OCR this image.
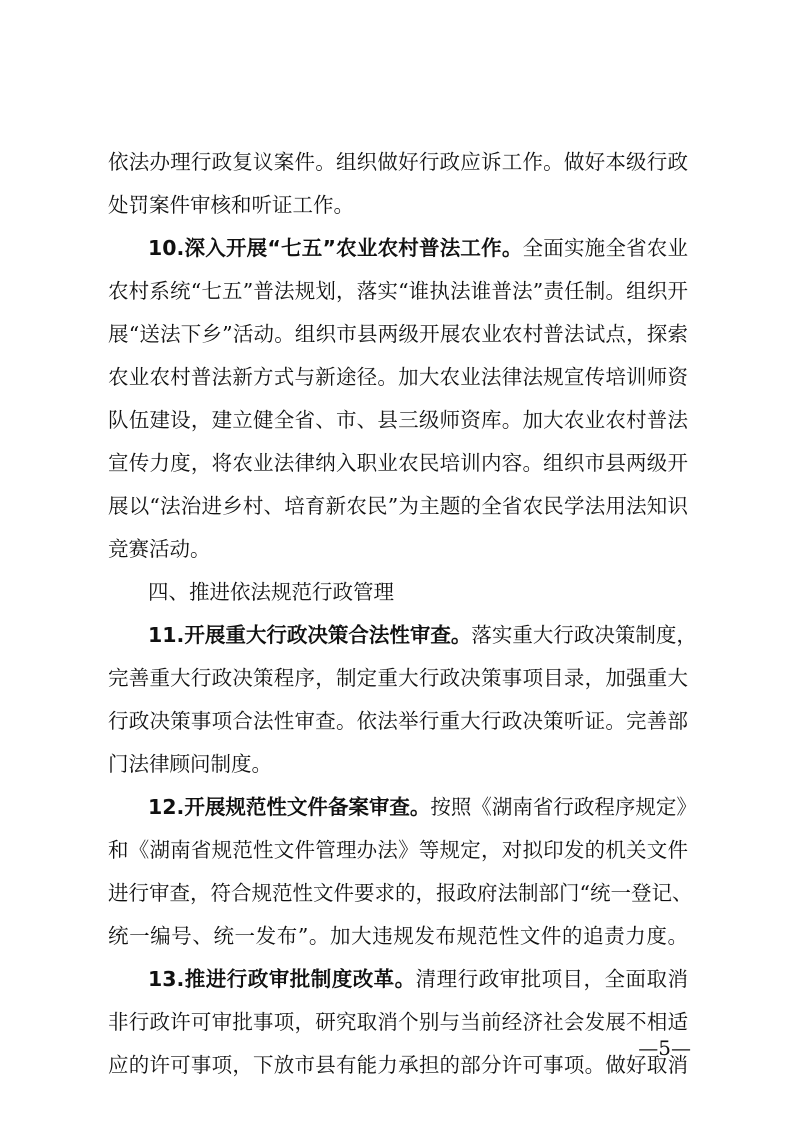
依法办理行政复议案件。组织做好行政应诉工作。做好本级行政
处罚案件审核和听证工作。
10.深入开展“七五”农业农村普法工作。全面实施全省农业
农村系统“七五”普法规划，落实“谁执法谁普法”责任制。组织开
展“送法下乡”活动。组织市县两级开展农业农村普法试点，探索
农业农村普法新方式与新途径。加大农业法律法规宣传培训师资
队伍建设，建立健全省、市、县三级师资库。加大农业农村普法
宣传力度，将农业法律纳入职业农民培训内容。组织市县两级开
展以“法治进乡村、培育新农民”为主题的全省农民学法用法知识
竞赛活动。
四、推进依法规范行政管理
11.开展重大行政决策合法性审查。落实重大行政决策制度，
完善重大行政决策程序，制定重大行政决策事项目录，加强重大
行政决策事项合法性审查。依法举行重大行政决策听证。完善部
门法律顾问制度。
12.开展规范性文件备案审查。按照《湖南省行政程序规定》
和《湖南省规范性文件管理办法》等规定，对拟印发的机关文件
进行审查，符合规范性文件要求的，报政府法制部门“统一登记、
统一编号、统一发布”。加大违规发布规范性文件的追责力度。
13.推进行政审批制度改革。清理行政审批项目，全面取消
非行政许可审批事项，研究取消个别与当前经济社会发展不相适
应的许可事项，下放市县有能力承担的部分许可事项。做好取消
—5—
